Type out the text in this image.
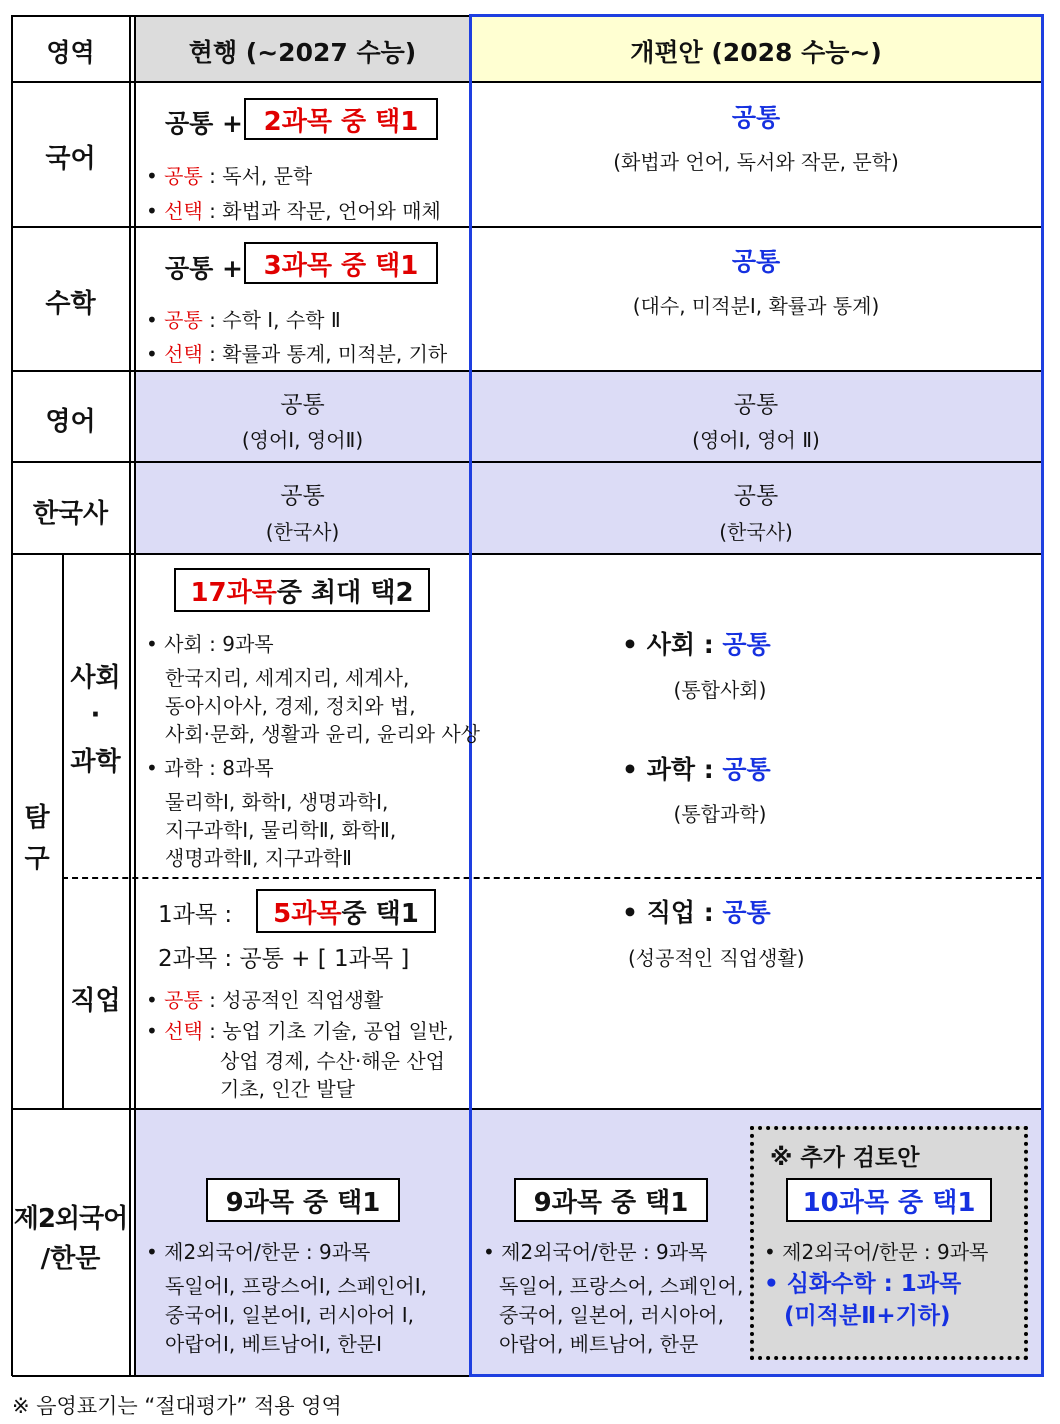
영역	현행 (~2027 수능)	개편안 (2028 수능~)
국어
공통 + 2과목 중 택1
• 공통 : 독서, 문학
• 선택 : 화법과 작문, 언어와 매체
공통
(화법과 언어, 독서와 작문, 문학)
수학
공통 + 3과목 중 택1
• 공통 : 수학 Ⅰ, 수학 Ⅱ
• 선택 : 확률과 통계, 미적분, 기하
공통
(대수, 미적분Ⅰ, 확률과 통계)
영어
공통
(영어Ⅰ, 영어Ⅱ)
공통
(영어Ⅰ, 영어 Ⅱ)
한국사
공통
(한국사)
공통
(한국사)
탐
구
사회
·
과학
17과목 중 최대 택2
• 사회 : 9과목
한국지리, 세계지리, 세계사,
동아시아사, 경제, 정치와 법,
사회·문화, 생활과 윤리, 윤리와 사상
• 과학 : 8과목
물리학Ⅰ, 화학Ⅰ, 생명과학Ⅰ,
지구과학Ⅰ, 물리학Ⅱ, 화학Ⅱ,
생명과학Ⅱ, 지구과학Ⅱ
• 사회 : 공통
(통합사회)
• 과학 : 공통
(통합과학)
직업
1과목 : 5과목 중 택1
2과목 : 공통 + [ 1과목 ]
• 공통 : 성공적인 직업생활
• 선택 : 농업 기초 기술, 공업 일반,
상업 경제, 수산·해운 산업
기초, 인간 발달
• 직업 : 공통
(성공적인 직업생활)
제2외국어
/한문
9과목 중 택1
• 제2외국어/한문 : 9과목
독일어Ⅰ, 프랑스어Ⅰ, 스페인어Ⅰ,
중국어Ⅰ, 일본어Ⅰ, 러시아어 Ⅰ,
아랍어Ⅰ, 베트남어Ⅰ, 한문Ⅰ
9과목 중 택1
• 제2외국어/한문 : 9과목
독일어, 프랑스어, 스페인어,
중국어, 일본어, 러시아어,
아랍어, 베트남어, 한문
※ 추가 검토안
10과목 중 택1
• 제2외국어/한문 : 9과목
• 심화수학 : 1과목
(미적분Ⅱ+기하)
※ 음영표기는 “절대평가” 적용 영역
